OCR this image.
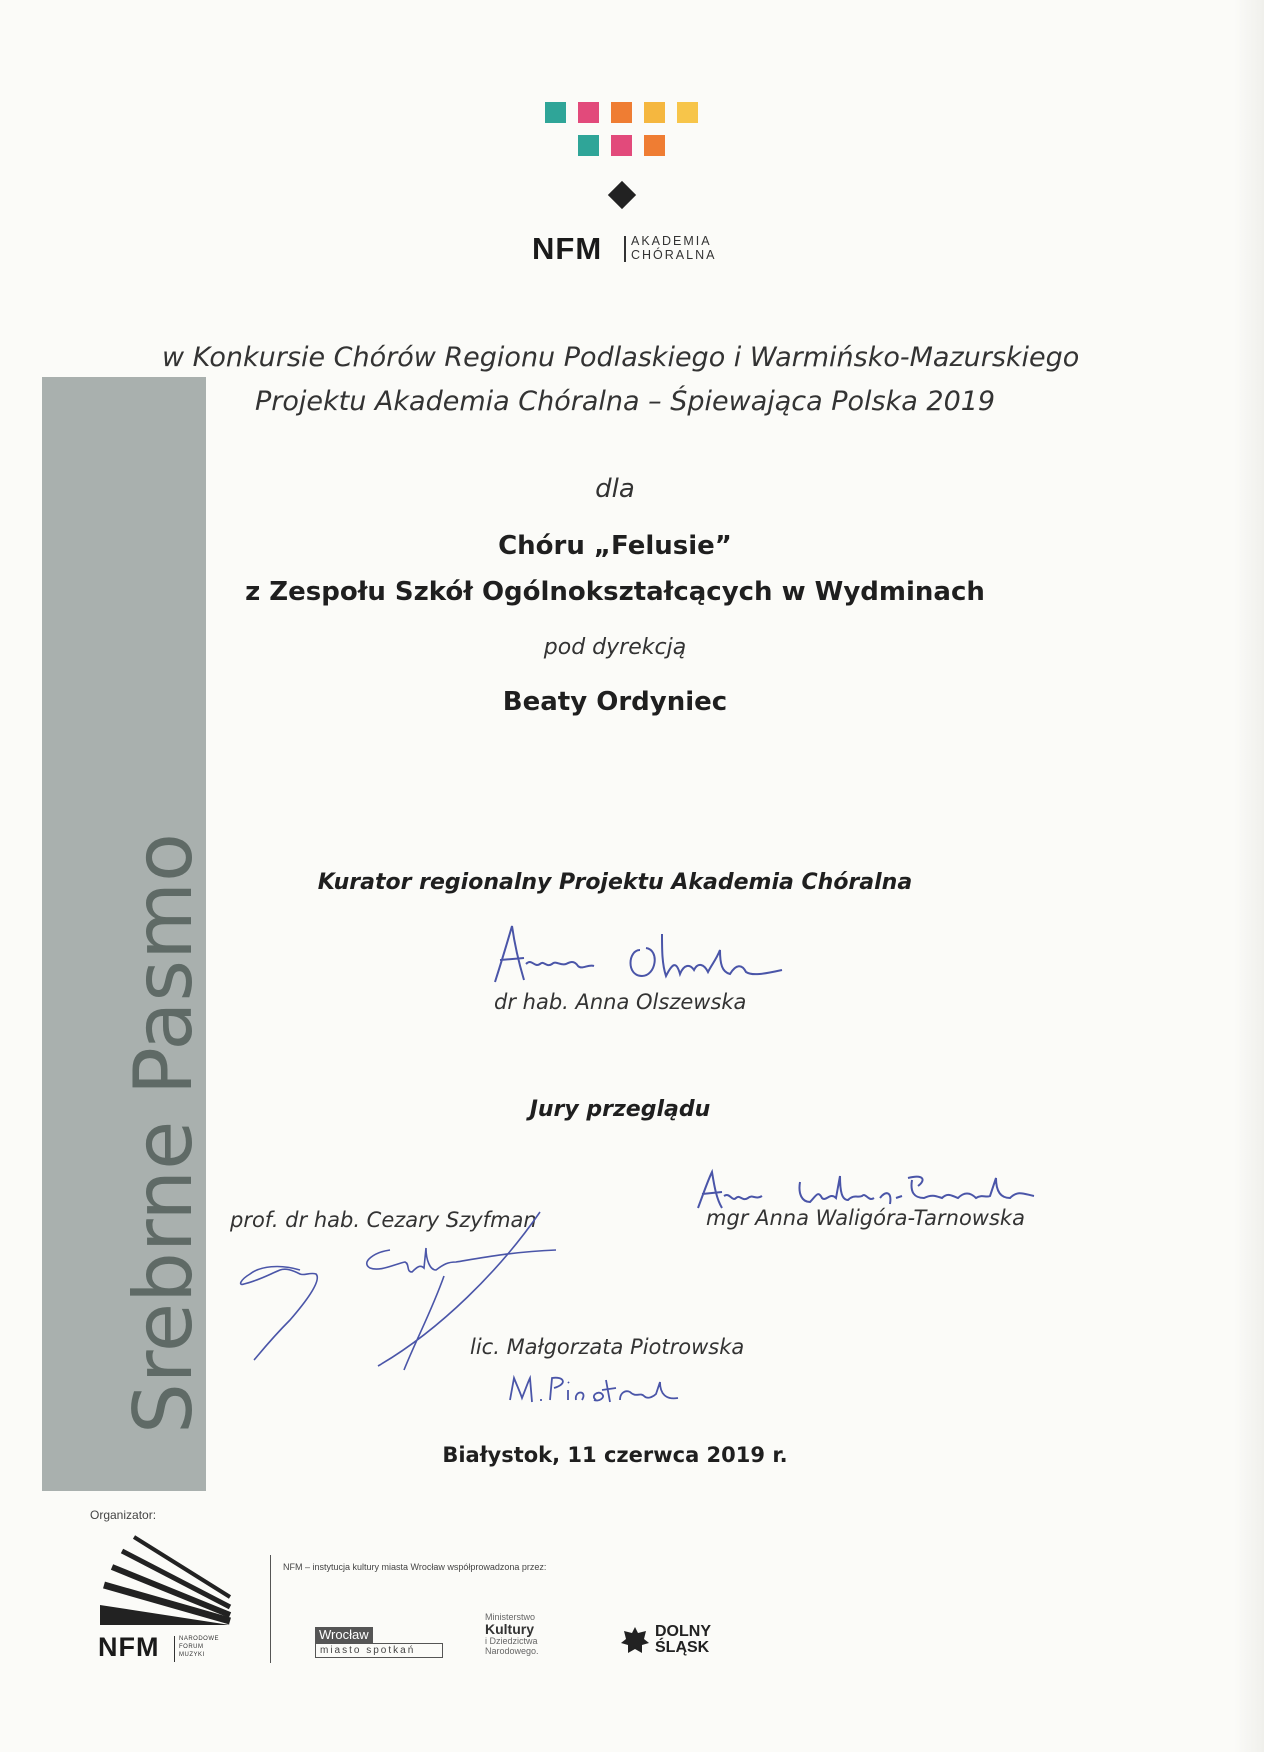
NFM AKADEMIA
CHÓRALNA
Srebrne Pasmo
w Konkursie Chórów Regionu Podlaskiego i Warmińsko-Mazurskiego
Projektu Akademia Chóralna – Śpiewająca Polska 2019
dla
Chóru „Felusie”
z Zespołu Szkół Ogólnokształcących w Wydminach
pod dyrekcją
Beaty Ordyniec
Kurator regionalny Projektu Akademia Chóralna
dr hab. Anna Olszewska
Jury przeglądu
mgr Anna Waligóra-Tarnowska
prof. dr hab. Cezary Szyfman
lic. Małgorzata Piotrowska
Białystok, 11 czerwca 2019 r.
Organizator:
NFM	NARODOWE
FORUM
MUZYKI
NFM – instytucja kultury miasta Wrocław współprowadzona przez:
Wrocław
miasto spotkań
Ministerstwo
Kultury
i Dziedzictwa
Narodowego.
DOLNY
ŚLĄSK
